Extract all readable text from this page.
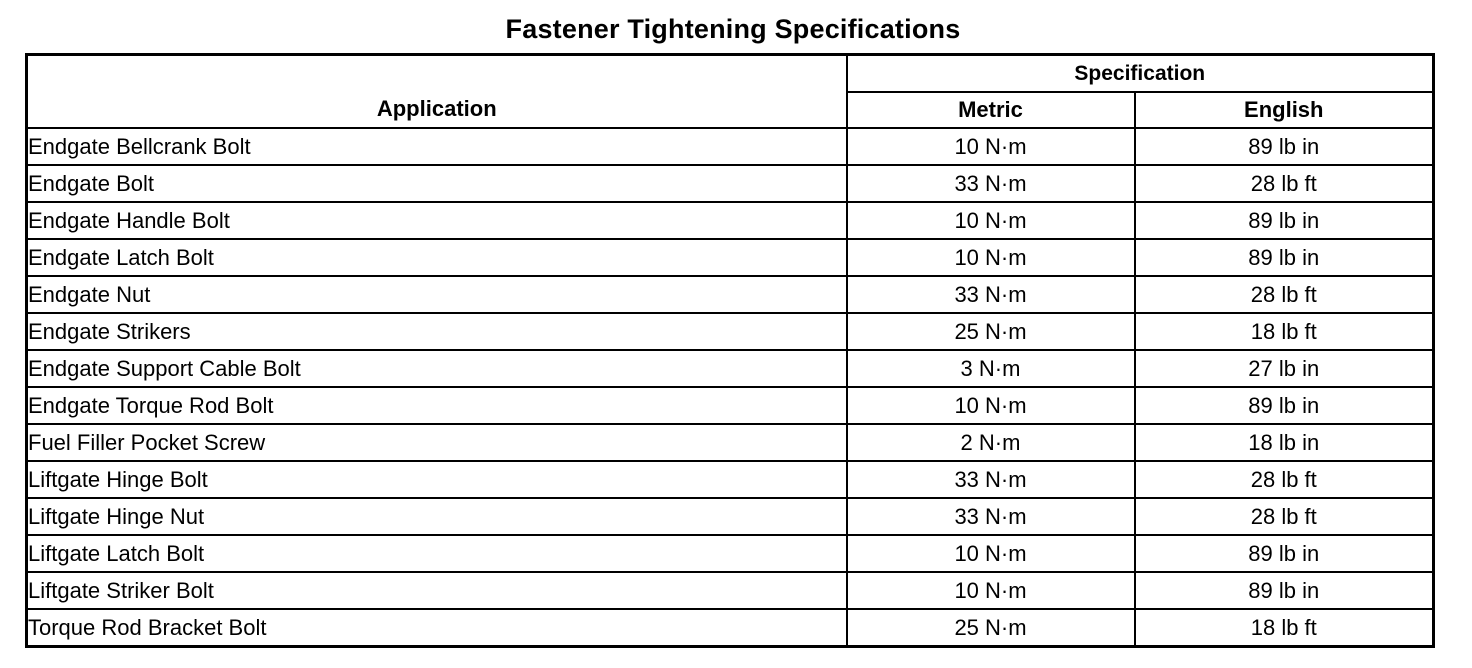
Fastener Tightening Specifications
Application	Specification	
	Metric	English
Endgate Bellcrank Bolt	10 N·m	89 lb in
Endgate Bolt	33 N·m	28 lb ft
Endgate Handle Bolt	10 N·m	89 lb in
Endgate Latch Bolt	10 N·m	89 lb in
Endgate Nut	33 N·m	28 lb ft
Endgate Strikers	25 N·m	18 lb ft
Endgate Support Cable Bolt	3 N·m	27 lb in
Endgate Torque Rod Bolt	10 N·m	89 lb in
Fuel Filler Pocket Screw	2 N·m	18 lb in
Liftgate Hinge Bolt	33 N·m	28 lb ft
Liftgate Hinge Nut	33 N·m	28 lb ft
Liftgate Latch Bolt	10 N·m	89 lb in
Liftgate Striker Bolt	10 N·m	89 lb in
Torque Rod Bracket Bolt	25 N·m	18 lb ft
